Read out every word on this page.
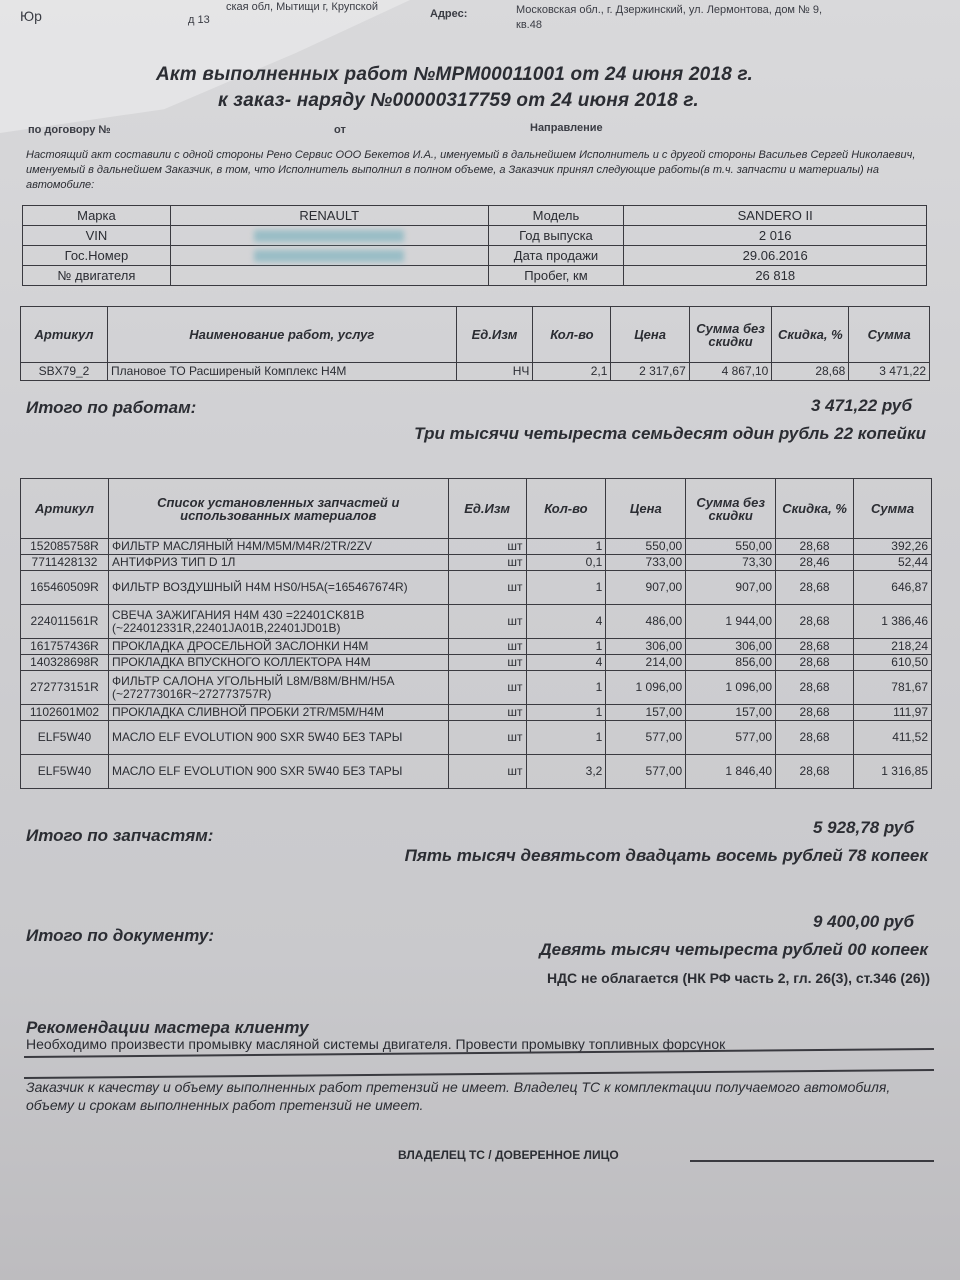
Юр
ская обл, Мытищи г, Крупской
д 13	Адрес:	Московская обл., г. Дзержинский, ул. Лермонтова, дом № 9,
кв.48
Акт выполненных работ №МРМ00011001 от 24 июня 2018 г.
к заказ- наряду №00000317759 от 24 июня 2018 г.
по договору №	от	Направление
Настоящий акт составили с одной стороны Рено Сервис ООО Бекетов И.А., именуемый в дальнейшем Исполнитель и с другой стороны Васильев Сергей Николаевич, именуемый в дальнейшем Заказчик, в том, что Исполнитель выполнил в полном объеме, а Заказчик принял следующие работы(в т.ч. запчасти и материалы) на автомобиле:
Марка	RENAULT	Модель	SANDERO II
VIN		Год выпуска	2 016
Гос.Номер		Дата продажи	29.06.2016
№ двигателя		Пробег, км	26 818
Артикул	Наименование работ, услуг	Ед.Изм	Кол-во	Цена	Сумма без скидки	Скидка, %	Сумма
SBX79_2	Плановое ТО Расширеный Комплекс Н4М	НЧ	2,1	2 317,67	4 867,10	28,68	3 471,22
Итого по работам:	3 471,22 руб
Три тысячи четыреста семьдесят один рубль 22 копейки
Артикул	Список установленных запчастей и использованных материалов	Ед.Изм	Кол-во	Цена	Сумма без скидки	Скидка, %	Сумма
152085758R	ФИЛЬТР МАСЛЯНЫЙ H4M/M5M/M4R/2TR/2ZV	шт	1	550,00	550,00	28,68	392,26
7711428132	АНТИФРИЗ ТИП D 1Л	шт	0,1	733,00	73,30	28,46	52,44
165460509R	ФИЛЬТР ВОЗДУШНЫЙ Н4М HS0/H5A(=165467674R)	шт	1	907,00	907,00	28,68	646,87
224011561R	СВЕЧА ЗАЖИГАНИЯ Н4М 430 =22401CK81B (~224012331R,22401JA01B,22401JD01B)	шт	4	486,00	1 944,00	28,68	1 386,46
161757436R	ПРОКЛАДКА ДРОСЕЛЬНОЙ ЗАСЛОНКИ Н4М	шт	1	306,00	306,00	28,68	218,24
140328698R	ПРОКЛАДКА ВПУСКНОГО КОЛЛЕКТОРА Н4М	шт	4	214,00	856,00	28,68	610,50
272773151R	ФИЛЬТР САЛОНА УГОЛЬНЫЙ L8M/B8M/BHM/H5A (~272773016R~272773757R)	шт	1	1 096,00	1 096,00	28,68	781,67
1102601M02	ПРОКЛАДКА СЛИВНОЙ ПРОБКИ 2TR/M5M/H4M	шт	1	157,00	157,00	28,68	111,97
ELF5W40	МАСЛО ELF EVOLUTION 900 SXR 5W40 БЕЗ ТАРЫ	шт	1	577,00	577,00	28,68	411,52
ELF5W40	МАСЛО ELF EVOLUTION 900 SXR 5W40 БЕЗ ТАРЫ	шт	3,2	577,00	1 846,40	28,68	1 316,85
Итого по запчастям:	5 928,78 руб
Пять тысяч девятьсот двадцать восемь рублей 78 копеек
Итого по документу:
9 400,00 руб
Девять тысяч четыреста рублей 00 копеек
НДС не облагается (НК РФ часть 2, гл. 26(3), ст.346 (26))
Рекомендации мастера клиенту
Необходимо произвести промывку масляной системы двигателя. Провести промывку топливных форсунок
Заказчик к качеству и объему выполненных работ претензий не имеет. Владелец ТС к комплектации получаемого автомобиля, объему и срокам выполненных работ претензий не имеет.
ВЛАДЕЛЕЦ ТС / ДОВЕРЕННОЕ ЛИЦО
